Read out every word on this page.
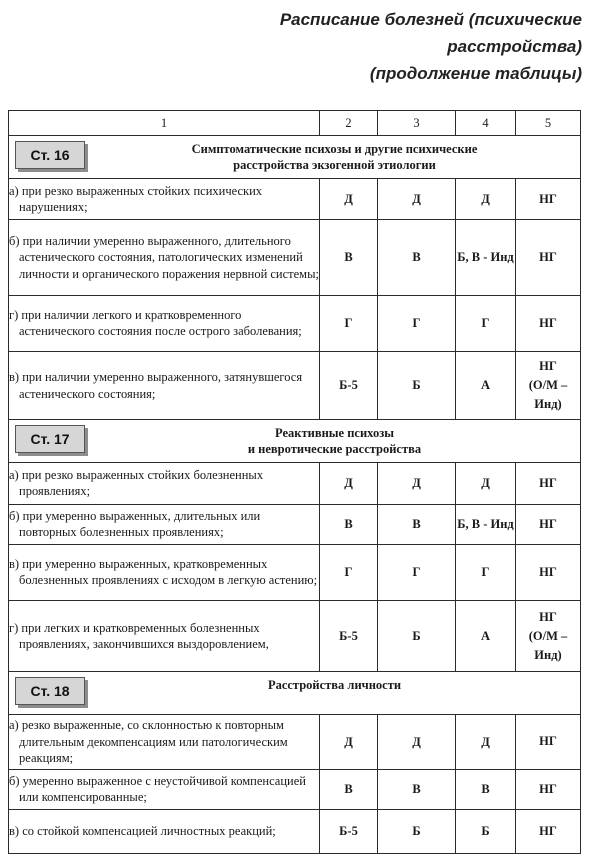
Расписание болезней (психические расстройства)
(продолжение таблицы)
1	2	3	4	5

Ст. 16 Симптоматические психозы и другие психические
расстройства экзогенной этиологии				

а) при резко выраженных стойких психических нарушениях;	Д	Д	Д	НГ

б) при наличии умеренно выраженного, длительного астенического состояния, патологических изменений личности и органического поражения нервной системы;	В	В	Б, В - Инд	НГ

г) при наличии легкого и кратковременного астенического состояния после острого заболевания;	Г	Г	Г	НГ

в) при наличии умеренно выраженного, затянувшегося астенического состояния;	Б-5	Б	А	НГ
(О/М – Инд)

Ст. 17 Реактивные психозы
и невротические расстройства				

а) при резко выраженных стойких болезненных проявлениях;	Д	Д	Д	НГ

б) при умеренно выраженных, длительных или повторных болезненных проявлениях;	В	В	Б, В - Инд	НГ

в) при умеренно выраженных, кратковременных болезненных проявлениях с исходом в легкую астению;	Г	Г	Г	НГ

г) при легких и кратковременных болезненных проявлениях, закончившихся выздоровлением,	Б-5	Б	А	НГ
(О/М – Инд)

Ст. 18 Расстройства личности				

а) резко выраженные, со склонностью к повторным длительным декомпенсациям или патологическим реакциям;	Д	Д	Д	НГ

б) умеренно выраженное с неустойчивой компенсацией или компенсированные;	В	В	В	НГ

в) со стойкой компенсацией личностных реакций;	Б-5	Б	Б	НГ
